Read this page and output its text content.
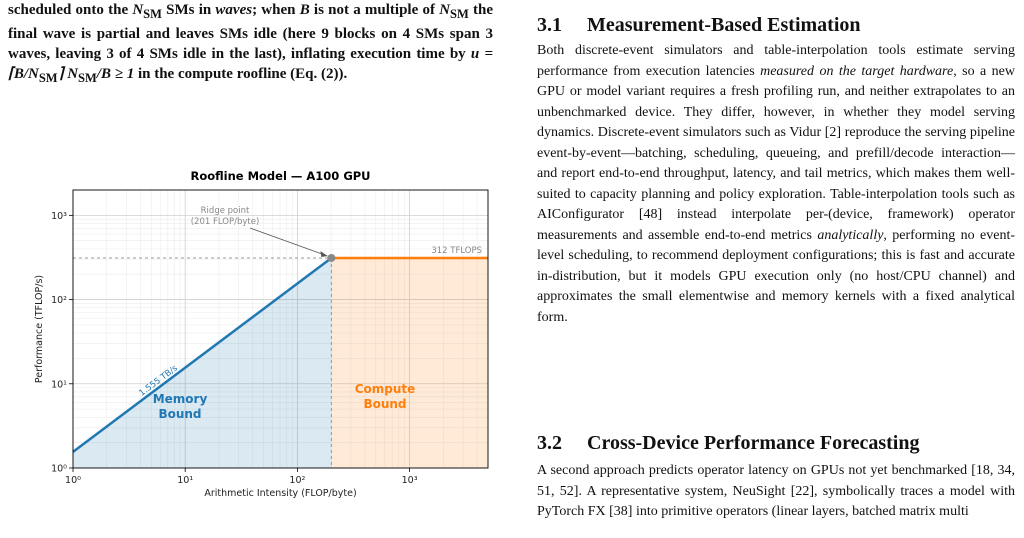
scheduled onto the $N_{SM}$ SMs in waves; when B is not a multiple of $N_{SM}$ the final wave is partial and leaves SMs idle (here 9 blocks on 4 SMs span 3 waves, leaving 3 of 4 SMs idle in the last), inflating execution time by $u = ⌈B/N_{SM}⌉$ $N_{SM}/B \ge 1$ in the compute roofline (Eq. (2)).

10⁰
10⁰
10¹
10¹
10²
10²
10³
10³
Roofline Model — A100 GPU
Arithmetic Intensity (FLOP/byte)
Performance (TFLOP/s)
Ridge point
(201 FLOP/byte)
312 TFLOPS
1.555 TB/s
Memory
Bound
Compute
Bound
3.1 Measurement-Based Estimation

Both discrete-event simulators and table-interpolation tools estimate serving performance from execution latencies measured on the target hardware, so a new GPU or model variant requires a fresh profiling run, and neither extrapolates to an unbenchmarked device. They differ, however, in whether they model serving dynamics. Discrete-event simulators such as Vidur [2] reproduce the serving pipeline event-by-event—batching, scheduling, queueing, and prefill/decode interaction—and report end-to-end throughput, latency, and tail metrics, which makes them well-suited to capacity planning and policy exploration. Table-interpolation tools such as AIConfigurator [48] instead interpolate per-(device, framework) operator measurements and assemble end-to-end metrics analytically, performing no event-level scheduling, to recommend deployment configurations; this is fast and accurate in-distribution, but it models GPU execution only (no host/CPU channel) and approximates the small elementwise and memory kernels with a fixed analytical form.

3.2 Cross-Device Performance Forecasting

A second approach predicts operator latency on GPUs not yet benchmarked [18, 34, 51, 52]. A representative system, NeuSight [22], symbolically traces a model with PyTorch FX [38] into primitive operators (linear layers, batched matrix multi
